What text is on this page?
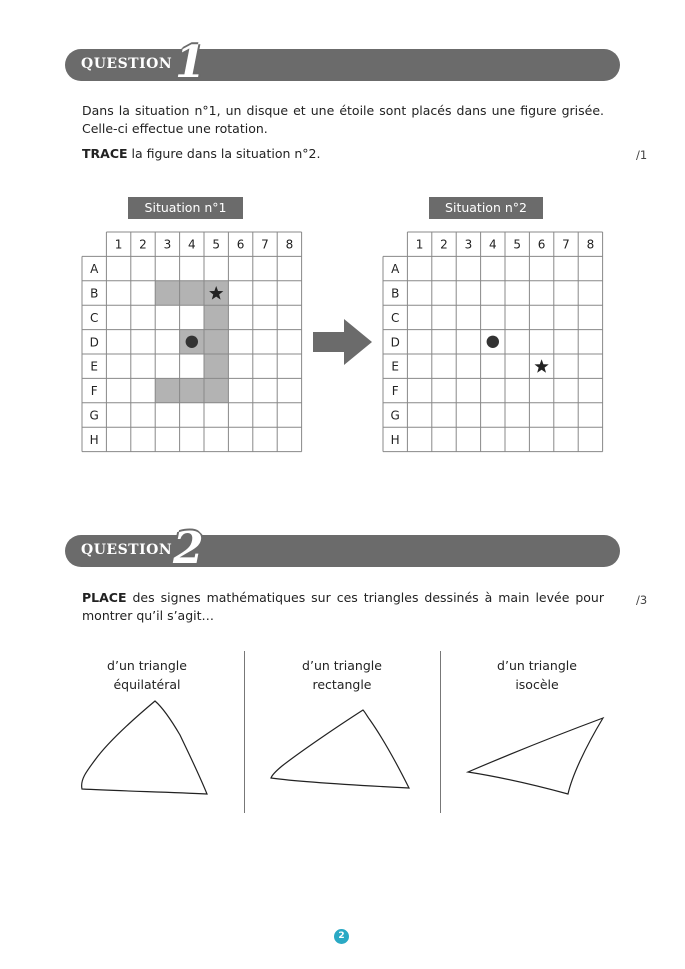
QUESTION 1
Dans la situation n°1, un disque et une étoile sont placés dans une figure grisée. Celle-ci effectue une rotation.
TRACE la figure dans la situation n°2.	/1
Situation n°1	Situation n°2
1 2 3 4 5 6 7 8
A
B
C
D
E
F
G
H
1 2 3 4 5 6 7 8
A
B
C
D
E
F
G
H
QUESTION 2
PLACE des signes mathématiques sur ces triangles dessinés à main levée pour montrer qu’il s’agit…
/3
d’un triangle
équilatéral
d’un triangle
rectangle
d’un triangle
isocèle
2
